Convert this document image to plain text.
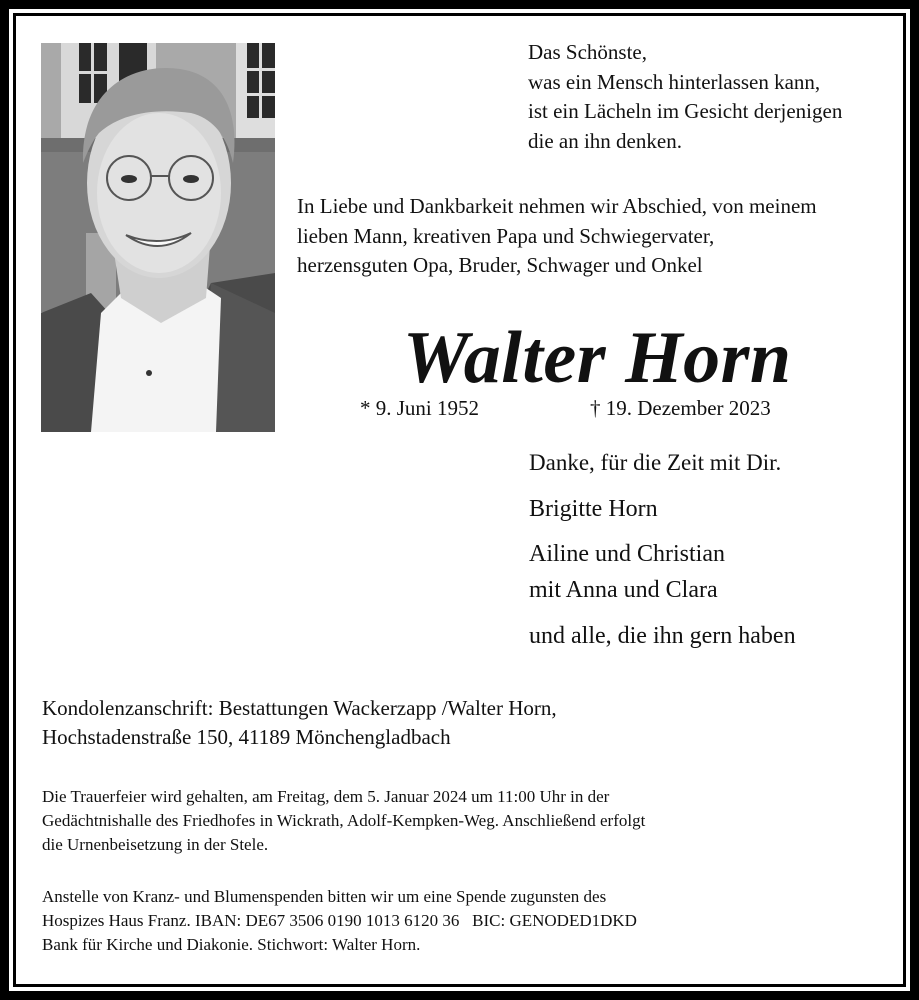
Das Schönste,
was ein Mensch hinterlassen kann,
ist ein Lächeln im Gesicht derjenigen
die an ihn denken.
In Liebe und Dankbarkeit nehmen wir Abschied, von meinem
lieben Mann, kreativen Papa und Schwiegervater,
herzensguten Opa, Bruder, Schwager und Onkel
Walter Horn
* 9. Juni 1952	† 19. Dezember 2023
Danke, für die Zeit mit Dir.
Brigitte Horn
Ailine und Christian
mit Anna und Clara
und alle, die ihn gern haben
Kondolenzanschrift: Bestattungen Wackerzapp /Walter Horn,
Hochstadenstraße 150, 41189 Mönchengladbach
Die Trauerfeier wird gehalten, am Freitag, dem 5. Januar 2024 um 11:00 Uhr in der
Gedächtnishalle des Friedhofes in Wickrath, Adolf-Kempken-Weg. Anschließend erfolgt
die Urnenbeisetzung in der Stele.
Anstelle von Kranz- und Blumenspenden bitten wir um eine Spende zugunsten des
Hospizes Haus Franz. IBAN: DE67 3506 0190 1013 6120 36   BIC: GENODED1DKD
Bank für Kirche und Diakonie. Stichwort: Walter Horn.
